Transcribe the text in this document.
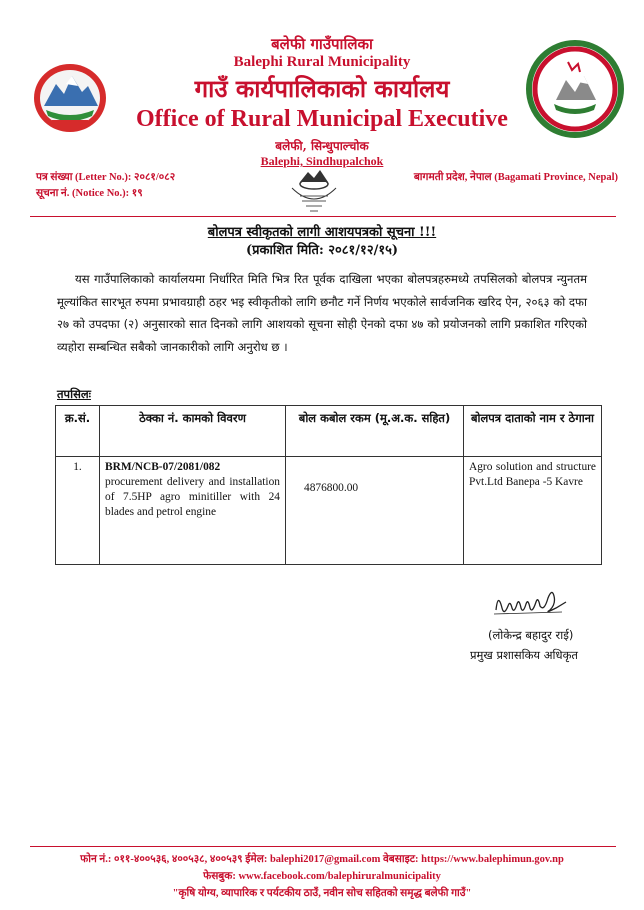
बलेफी गाउँपालिका
Balephi Rural Municipality
गाउँ कार्यपालिकाको कार्यालय
Office of Rural Municipal Executive
बलेफी, सिन्धुपाल्चोक
Balephi, Sindhupalchok
पत्र संख्या (Letter No.): २०८१/०८२
सूचना नं. (Notice No.): १९
बागमती प्रदेश, नेपाल (Bagamati Province, Nepal)
बोलपत्र स्वीकृतको लागी आशयपत्रको सूचना !!!
(प्रकाशित मिति: २०८१/१२/१५)
यस गाउँपालिकाको कार्यालयमा निर्धारित मिति भित्र रित पूर्वक दाखिला भएका बोलपत्रहरुमध्ये तपसिलको बोलपत्र न्युनतम मूल्यांकित सारभूत रुपमा प्रभावग्राही ठहर भइ स्वीकृतीको लागि छनौट गर्ने निर्णय भएकोले सार्वजनिक खरिद ऐन, २०६३ को दफा २७ को उपदफा (२) अनुसारको सात दिनको लागि आशयको सूचना सोही ऐनको दफा ४७ को प्रयोजनको लागि प्रकाशित गरिएको व्यहोरा सम्बन्धित सबैको जानकारीको लागि अनुरोध छ ।
तपसिलः
क्र.सं.	ठेक्का नं. कामको विवरण	बोल कबोल रकम (मू.अ.क. सहित)	बोलपत्र दाताको नाम र ठेगाना
1.	BRM/NCB-07/2081/082
procurement delivery and installation of 7.5HP agro minitiller with 24 blades and petrol engine	4876800.00	Agro solution and structure Pvt.Ltd Banepa -5 Kavre
(लोकेन्द्र बहादुर राई)
प्रमुख प्रशासकिय अधिकृत
फोन नं.: ०११-४००५३६, ४००५३८, ४००५३९ ईमेल: balephi2017@gmail.com वेबसाइट: https://www.balephimun.gov.np
फेसबुक: www.facebook.com/balephiruralmunicipality
"कृषि योग्य, व्यापारिक र पर्यटकीय ठाउँ, नवीन सोच सहितको समृद्ध बलेफी गाउँ"
